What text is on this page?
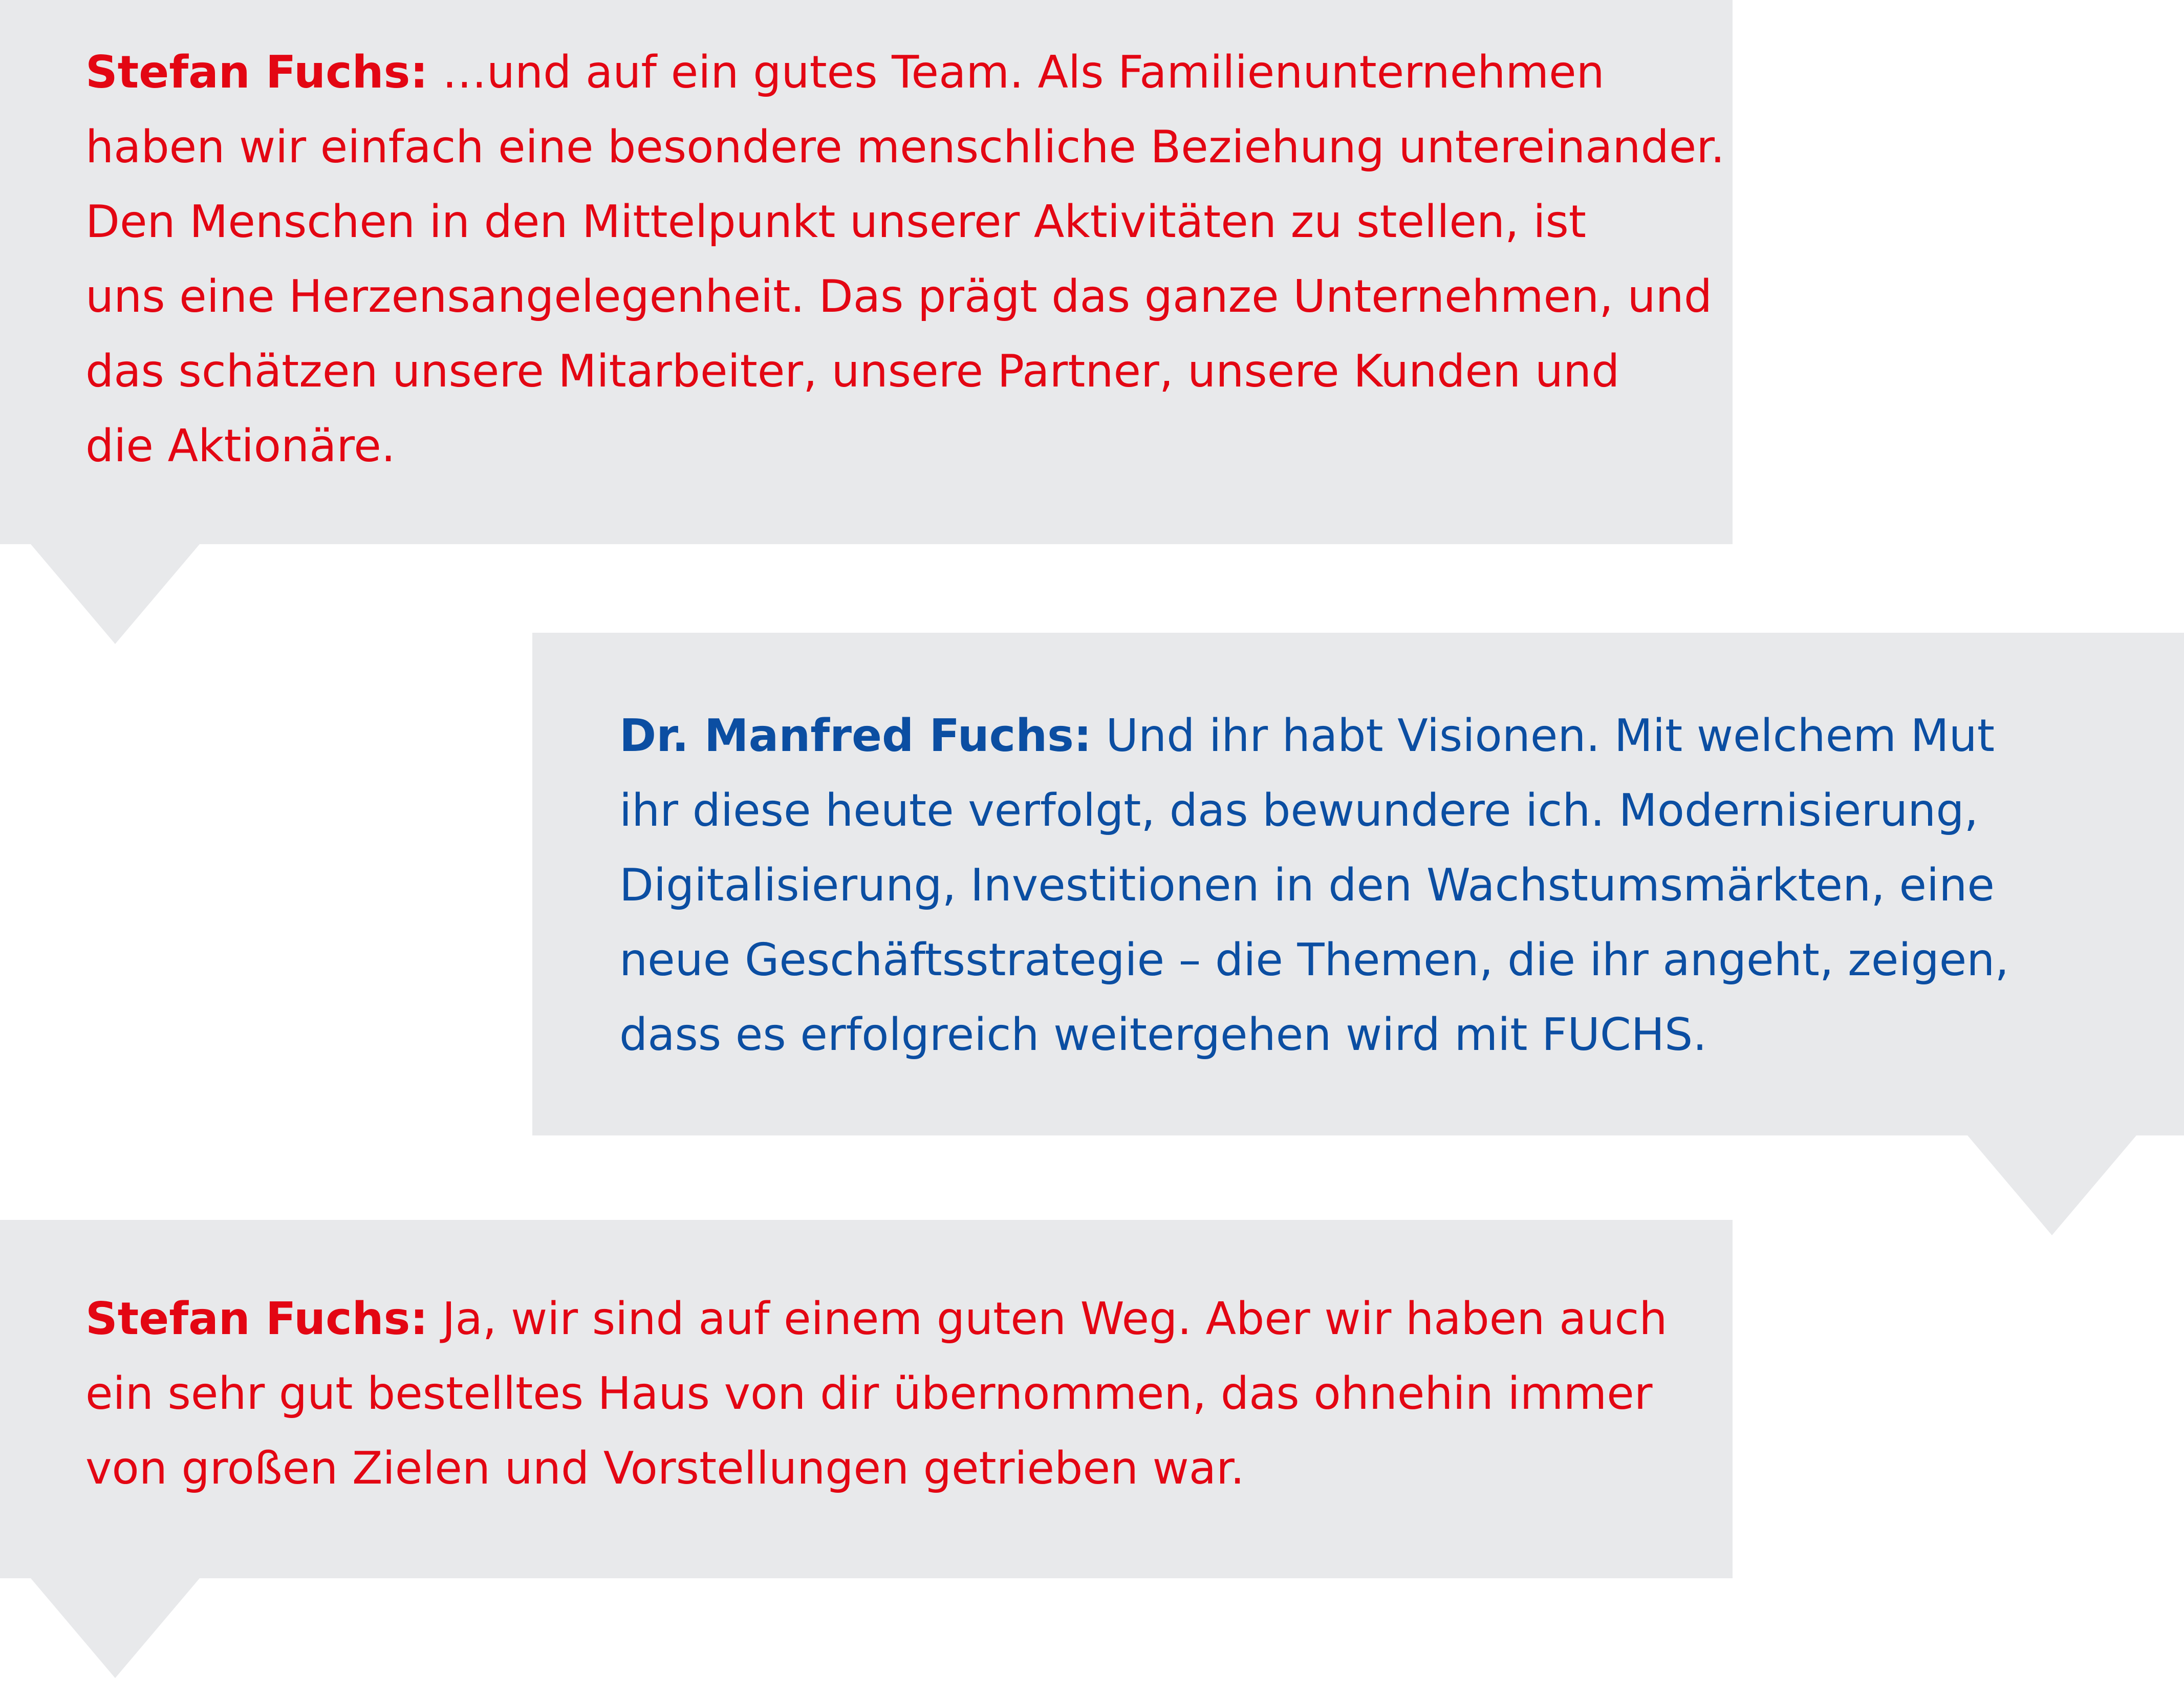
Stefan Fuchs: …und auf ein gutes Team. Als Familienunternehmen
haben wir einfach eine besondere menschliche Beziehung untereinander.
Den Menschen in den Mittelpunkt unserer Aktivitäten zu stellen, ist
uns eine Herzensangelegenheit. Das prägt das ganze Unternehmen, und
das schätzen unsere Mitarbeiter, unsere Partner, unsere Kunden und
die Aktionäre.

Dr. Manfred Fuchs: Und ihr habt Visionen. Mit welchem Mut
ihr diese heute verfolgt, das bewundere ich. Modernisierung,
Digitalisierung, Investitionen in den Wachstumsmärkten, eine
neue Geschäftsstrategie – die Themen, die ihr angeht, zeigen,
dass es erfolgreich weitergehen wird mit FUCHS.

Stefan Fuchs: Ja, wir sind auf einem guten Weg. Aber wir haben auch
ein sehr gut bestelltes Haus von dir übernommen, das ohnehin immer
von großen Zielen und Vorstellungen getrieben war.
